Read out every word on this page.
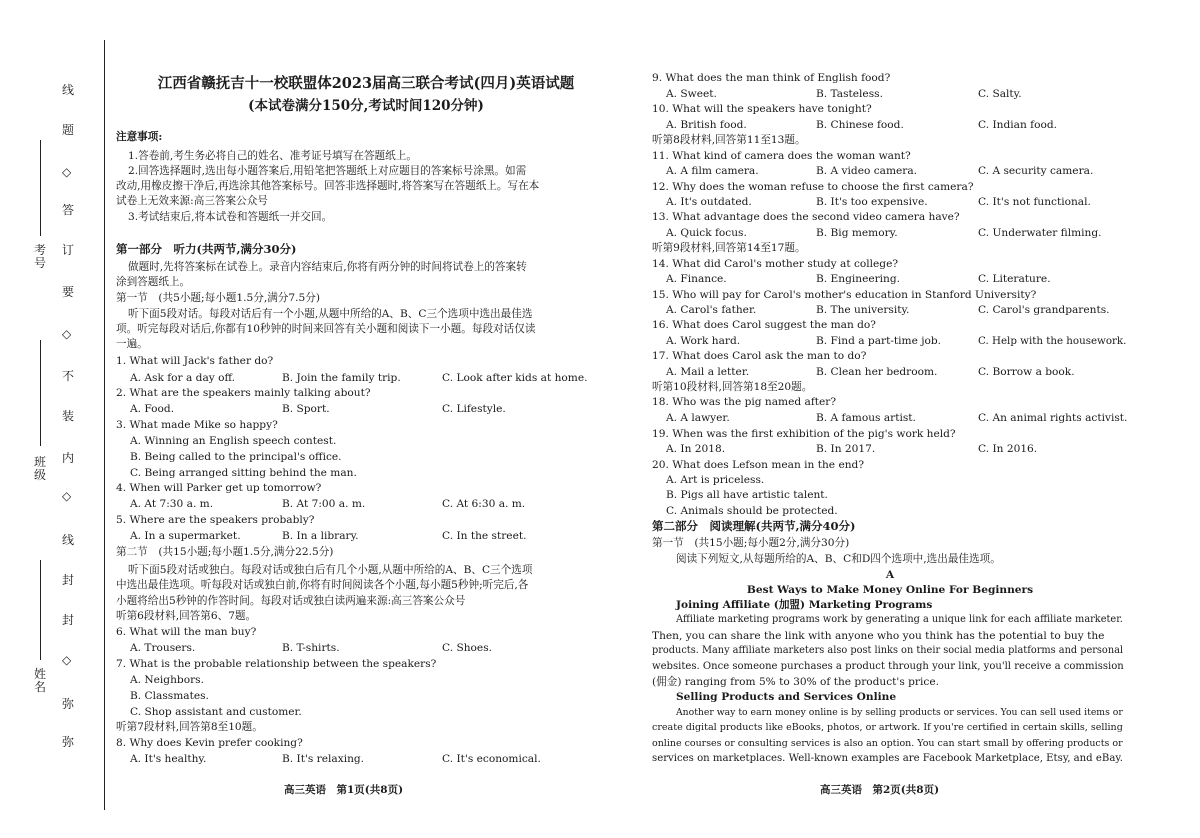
线
题
◇
答
订
要
◇
不
装
内
◇
线
封
封
◇
弥
弥
考号
班级
姓名
江西省赣抚吉十一校联盟体2023届高三联合考试(四月)英语试题
(本试卷满分150分,考试时间120分钟)
注意事项:
1.答卷前,考生务必将自己的姓名、准考证号填写在答题纸上。
2.回答选择题时,选出每小题答案后,用铅笔把答题纸上对应题目的答案标号涂黑。如需
改动,用橡皮擦干净后,再选涂其他答案标号。回答非选择题时,将答案写在答题纸上。写在本
试卷上无效来源:高三答案公众号
3.考试结束后,将本试卷和答题纸一并交回。
第一部分　听力(共两节,满分30分)
做题时,先将答案标在试卷上。录音内容结束后,你将有两分钟的时间将试卷上的答案转
涂到答题纸上。
第一节　(共5小题;每小题1.5分,满分7.5分)
听下面5段对话。每段对话后有一个小题,从题中所给的A、B、C三个选项中选出最佳选
项。听完每段对话后,你都有10秒钟的时间来回答有关小题和阅读下一小题。每段对话仅读
一遍。
1. What will Jack's father do?
A. Ask for a day off.	B. Join the family trip.	C. Look after kids at home.
2. What are the speakers mainly talking about?
A. Food.	B. Sport.	C. Lifestyle.
3. What made Mike so happy?
A. Winning an English speech contest.
B. Being called to the principal's office.
C. Being arranged sitting behind the man.
4. When will Parker get up tomorrow?
A. At 7:30 a. m.	B. At 7:00 a. m.	C. At 6:30 a. m.
5. Where are the speakers probably?
A. In a supermarket.	B. In a library.	C. In the street.
第二节　(共15小题;每小题1.5分,满分22.5分)
听下面5段对话或独白。每段对话或独白后有几个小题,从题中所给的A、B、C三个选项
中选出最佳选项。听每段对话或独白前,你将有时间阅读各个小题,每小题5秒钟;听完后,各
小题将给出5秒钟的作答时间。每段对话或独白读两遍来源:高三答案公众号
听第6段材料,回答第6、7题。
6. What will the man buy?
A. Trousers.	B. T-shirts.	C. Shoes.
7. What is the probable relationship between the speakers?
A. Neighbors.
B. Classmates.
C. Shop assistant and customer.
听第7段材料,回答第8至10题。
8. Why does Kevin prefer cooking?
A. It's healthy.	B. It's relaxing.	C. It's economical.
高三英语　第1页(共8页)
9. What does the man think of English food?
A. Sweet.	B. Tasteless.	C. Salty.
10. What will the speakers have tonight?
A. British food.	B. Chinese food.	C. Indian food.
听第8段材料,回答第11至13题。
11. What kind of camera does the woman want?
A. A film camera.	B. A video camera.	C. A security camera.
12. Why does the woman refuse to choose the first camera?
A. It's outdated.	B. It's too expensive.	C. It's not functional.
13. What advantage does the second video camera have?
A. Quick focus.	B. Big memory.	C. Underwater filming.
听第9段材料,回答第14至17题。
14. What did Carol's mother study at college?
A. Finance.	B. Engineering.	C. Literature.
15. Who will pay for Carol's mother's education in Stanford University?
A. Carol's father.	B. The university.	C. Carol's grandparents.
16. What does Carol suggest the man do?
A. Work hard.	B. Find a part-time job.	C. Help with the housework.
17. What does Carol ask the man to do?
A. Mail a letter.	B. Clean her bedroom.	C. Borrow a book.
听第10段材料,回答第18至20题。
18. Who was the pig named after?
A. A lawyer.	B. A famous artist.	C. An animal rights activist.
19. When was the first exhibition of the pig's work held?
A. In 2018.	B. In 2017.	C. In 2016.
20. What does Lefson mean in the end?
A. Art is priceless.
B. Pigs all have artistic talent.
C. Animals should be protected.
第二部分　阅读理解(共两节,满分40分)
第一节　(共15小题;每小题2分,满分30分)
阅读下列短文,从每题所给的A、B、C和D四个选项中,选出最佳选项。
A
Best Ways to Make Money Online For Beginners
Joining Affiliate (加盟) Marketing Programs
Affiliate marketing programs work by generating a unique link for each affiliate marketer.
Then, you can share the link with anyone who you think has the potential to buy the
products. Many affiliate marketers also post links on their social media platforms and personal
websites. Once someone purchases a product through your link, you'll receive a commission
(佣金) ranging from 5% to 30% of the product's price.
Selling Products and Services Online
Another way to earn money online is by selling products or services. You can sell used items or
create digital products like eBooks, photos, or artwork. If you're certified in certain skills, selling
online courses or consulting services is also an option. You can start small by offering products or
services on marketplaces. Well-known examples are Facebook Marketplace, Etsy, and eBay.
高三英语　第2页(共8页)
